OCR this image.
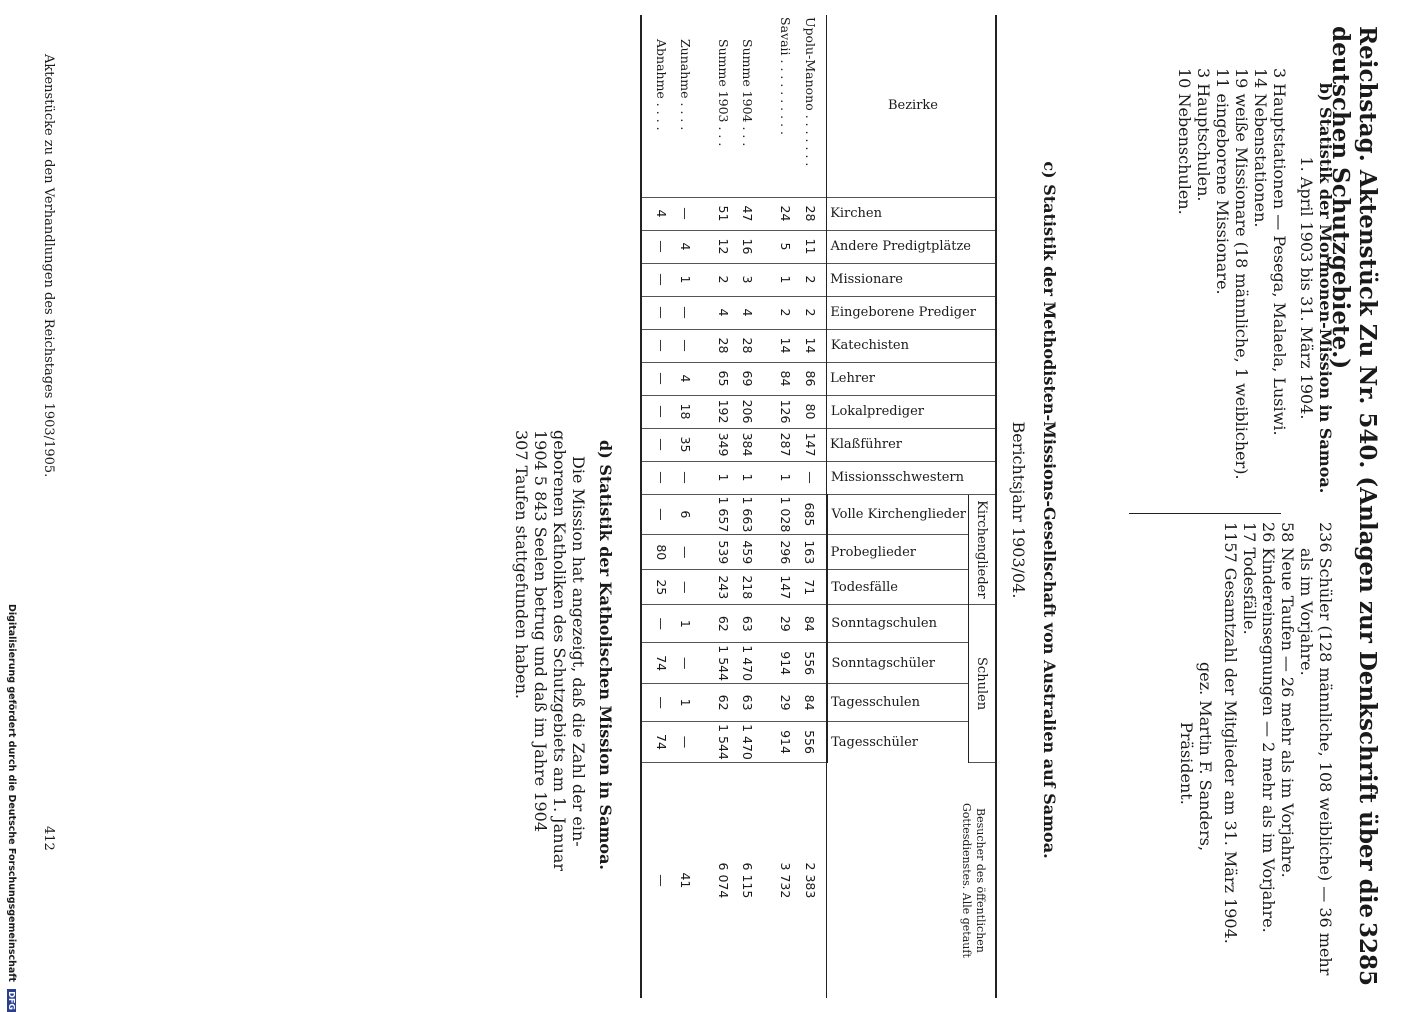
Reichstag. Aktenstück Zu Nr. 540. (Anlagen zur Denkschrift über die deutschen Schutzgebiete.)
3285

b) Statistik der Mormonen-Mission in Samoa.

1. April 1903 bis 31. März 1904.

3 Hauptstationen — Pesega, Malaela, Lusiwi.

14 Nebenstationen.

19 weiße Missionare (18 männliche, 1 weiblicher).

11 eingeborene Missionare.

3 Hauptschulen.

10 Nebenschulen.

236 Schüler (128 männliche, 108 weibliche) — 36 mehr

als im Vorjahre.

58 Neue Taufen — 26 mehr als im Vorjahre.

26 Kindereinsegnungen — 2 mehr als im Vorjahre.

17 Todesfälle.

1157 Gesamtzahl der Mitglieder am 31. März 1904.

gez. Martin F. Sanders,

Präsident.

c) Statistik der Methodisten-Missions-Gesellschaft von Australien auf Samoa.

Berichtsjahr 1903/04.

Bezirke	Kirchen	Andere Predigtplätze	Missionare	Eingeborene Prediger	Katechisten	Lehrer	Lokalprediger	Klaßführer	Missionsschwestern	Kirchenglieder			Schulen				Besucher des öffentlichen Gottesdienstes. Alle getauft
										Volle Kirchenglieder	Probeglieder	Todesfälle	Sonntagschulen	Sonntagschüler	Tagesschulen	Tagesschüler	
Upolu-Manono . . . . . . .	28	11	2	2	14	86	80	147	—	685	163	71	84	556	84	556	2 383
Savaii . . . . . . . . . .	24	5	1	2	14	84	126	287	1	1 028	296	147	29	914	29	914	3 732
Summe 1904 . . .	47	16	3	4	28	69	206	384	1	1 663	459	218	63	1 470	63	1 470	6 115
Summe 1903 . . .	51	12	2	4	28	65	192	349	1	1 657	539	243	62	1 544	62	1 544	6 074
Zunahme . . . .	—	4	1	—	—	4	18	35	—	6	—	—	1	—	1	—	41
Abnahme . . . .	4	—	—	—	—	—	—	—	—	—	80	25	—	74	—	74	—

d) Statistik der Katholischen Mission in Samoa.

Die Mission hat angezeigt, daß die Zahl der ein-

geborenen Katholiken des Schutzgebiets am 1. Januar

1904 5 843 Seelen betrug und daß im Jahre 1904

307 Taufen stattgefunden haben.

Aktenstücke zu den Verhandlungen des Reichstages 1903/1905.
412
Digitalisierung gefördert durch die Deutsche Forschungsgemeinschaft DFG
